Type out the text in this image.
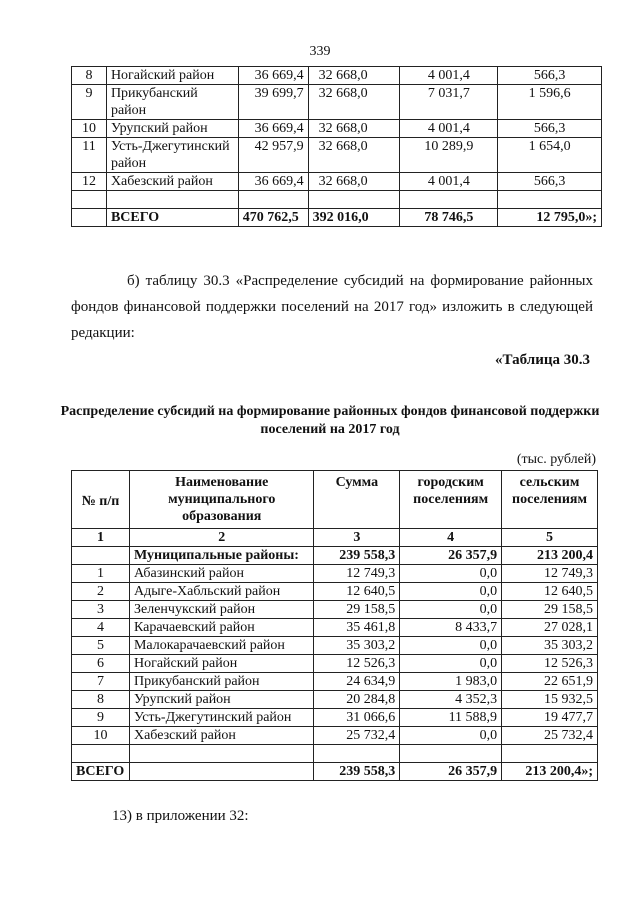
339
8	Ногайский район	36 669,4	32 668,0	4 001,4	566,3
9	Прикубанский район	39 699,7	32 668,0	7 031,7	1 596,6
10	Урупский район	36 669,4	32 668,0	4 001,4	566,3
11	Усть-Джегутинский район	42 957,9	32 668,0	10 289,9	1 654,0
12	Хабезский район	36 669,4	32 668,0	4 001,4	566,3

	ВСЕГО	470 762,5	392 016,0	78 746,5	12 795,0»;
б) таблицу 30.3 «Распределение субсидий на формирование районных фондов финансовой поддержки поселений на 2017 год» изложить в следующей редакции:
«Таблица 30.3
Распределение субсидий на формирование районных фондов финансовой поддержки поселений на 2017 год
(тыс. рублей)
№ п/п	Наименование муниципального образования	Сумма	городским поселениям	сельским поселениям
1	2	3	4	5
	Муниципальные районы:	239 558,3	26 357,9	213 200,4
1	Абазинский район	12 749,3	0,0	12 749,3
2	Адыге-Хабльский район	12 640,5	0,0	12 640,5
3	Зеленчукский район	29 158,5	0,0	29 158,5
4	Карачаевский район	35 461,8	8 433,7	27 028,1
5	Малокарачаевский район	35 303,2	0,0	35 303,2
6	Ногайский район	12 526,3	0,0	12 526,3
7	Прикубанский район	24 634,9	1 983,0	22 651,9
8	Урупский район	20 284,8	4 352,3	15 932,5
9	Усть-Джегутинский район	31 066,6	11 588,9	19 477,7
10	Хабезский район	25 732,4	0,0	25 732,4

ВСЕГО		239 558,3	26 357,9	213 200,4»;
13) в приложении 32:
